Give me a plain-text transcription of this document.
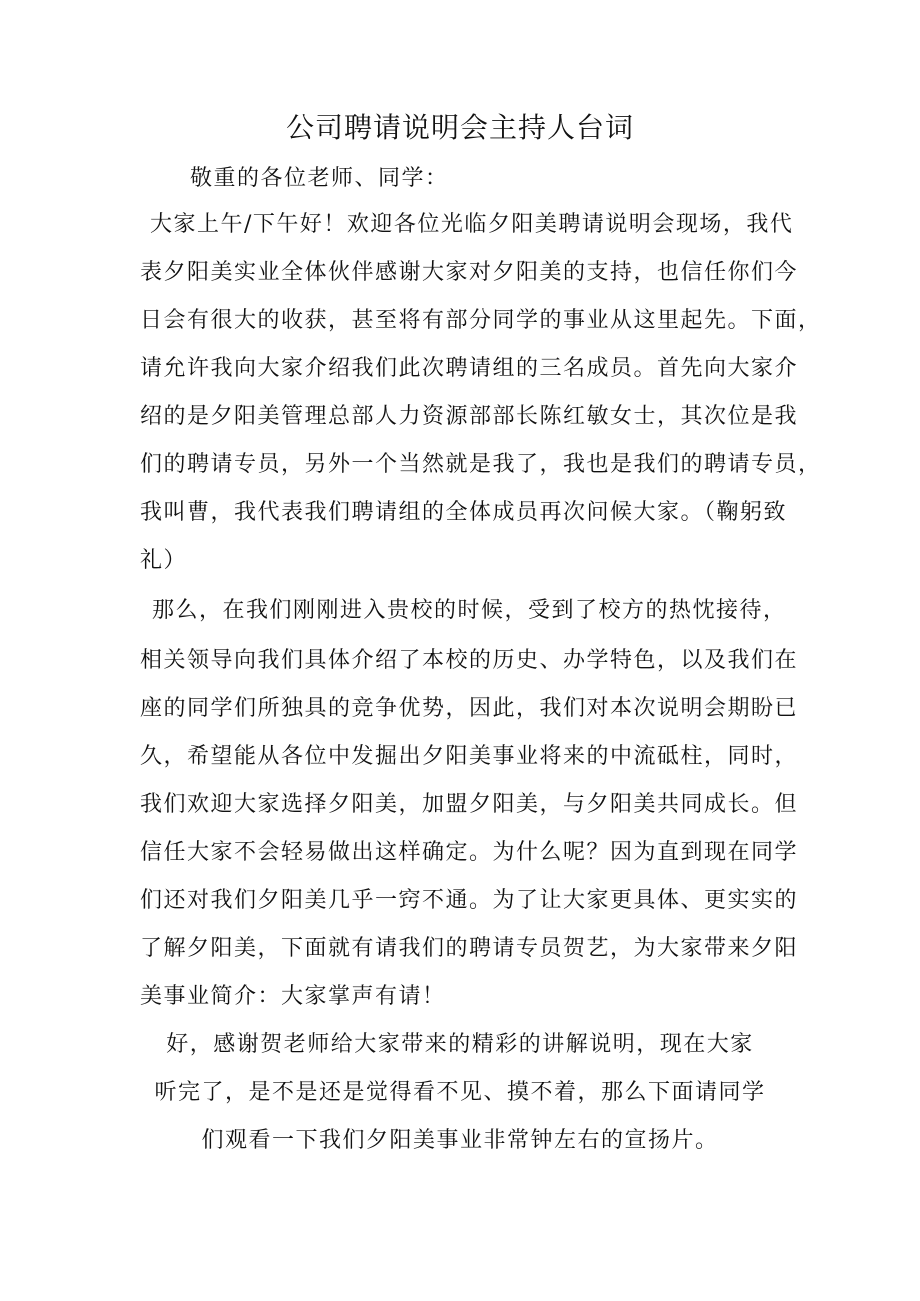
公司聘请说明会主持人台词
敬重的各位老师、同学：
大家上午/下午好！欢迎各位光临夕阳美聘请说明会现场，我代
表夕阳美实业全体伙伴感谢大家对夕阳美的支持，也信任你们今
日会有很大的收获，甚至将有部分同学的事业从这里起先。下面，
请允许我向大家介绍我们此次聘请组的三名成员。首先向大家介
绍的是夕阳美管理总部人力资源部部长陈红敏女士，其次位是我
们的聘请专员，另外一个当然就是我了，我也是我们的聘请专员，
我叫曹，我代表我们聘请组的全体成员再次问候大家。（鞠躬致
礼）
那么，在我们刚刚进入贵校的时候，受到了校方的热忱接待，
相关领导向我们具体介绍了本校的历史、办学特色，以及我们在
座的同学们所独具的竞争优势，因此，我们对本次说明会期盼已
久，希望能从各位中发掘出夕阳美事业将来的中流砥柱，同时，
我们欢迎大家选择夕阳美，加盟夕阳美，与夕阳美共同成长。但
信任大家不会轻易做出这样确定。为什么呢？因为直到现在同学
们还对我们夕阳美几乎一窍不通。为了让大家更具体、更实实的
了解夕阳美，下面就有请我们的聘请专员贺艺，为大家带来夕阳
美事业简介：大家掌声有请！
好，感谢贺老师给大家带来的精彩的讲解说明，现在大家
听完了，是不是还是觉得看不见、摸不着，那么下面请同学
们观看一下我们夕阳美事业非常钟左右的宣扬片。
